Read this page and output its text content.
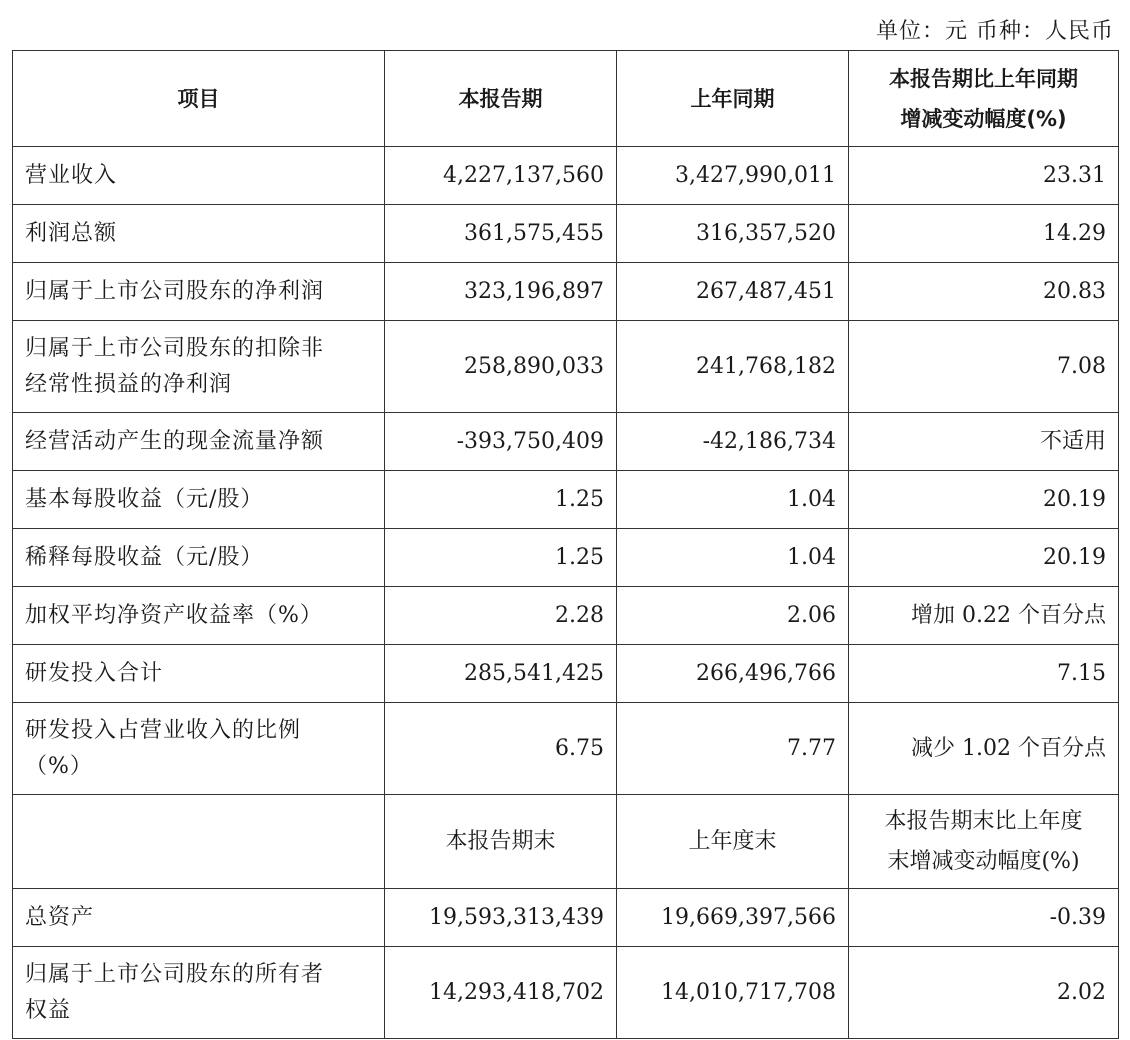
单位：元 币种：人民币
项目	本报告期	上年同期	本报告期比上年同期
增减变动幅度(%)

营业收入	4,227,137,560	3,427,990,011	23.31
利润总额	361,575,455	316,357,520	14.29
归属于上市公司股东的净利润	323,196,897	267,487,451	20.83

归属于上市公司股东的扣除非
经常性损益的净利润	258,890,033	241,768,182	7.08
经营活动产生的现金流量净额	-393,750,409	-42,186,734	不适用
基本每股收益（元/股）	1.25	1.04	20.19
稀释每股收益（元/股）	1.25	1.04	20.19
加权平均净资产收益率（%）	2.28	2.06	增加 0.22 个百分点
研发投入合计	285,541,425	266,496,766	7.15

研发投入占营业收入的比例
（%）	6.75	7.77	减少 1.02 个百分点
	本报告期末	上年度末	本报告期末比上年度
末增减变动幅度(%)

总资产	19,593,313,439	19,669,397,566	-0.39

归属于上市公司股东的所有者
权益	14,293,418,702	14,010,717,708	2.02
